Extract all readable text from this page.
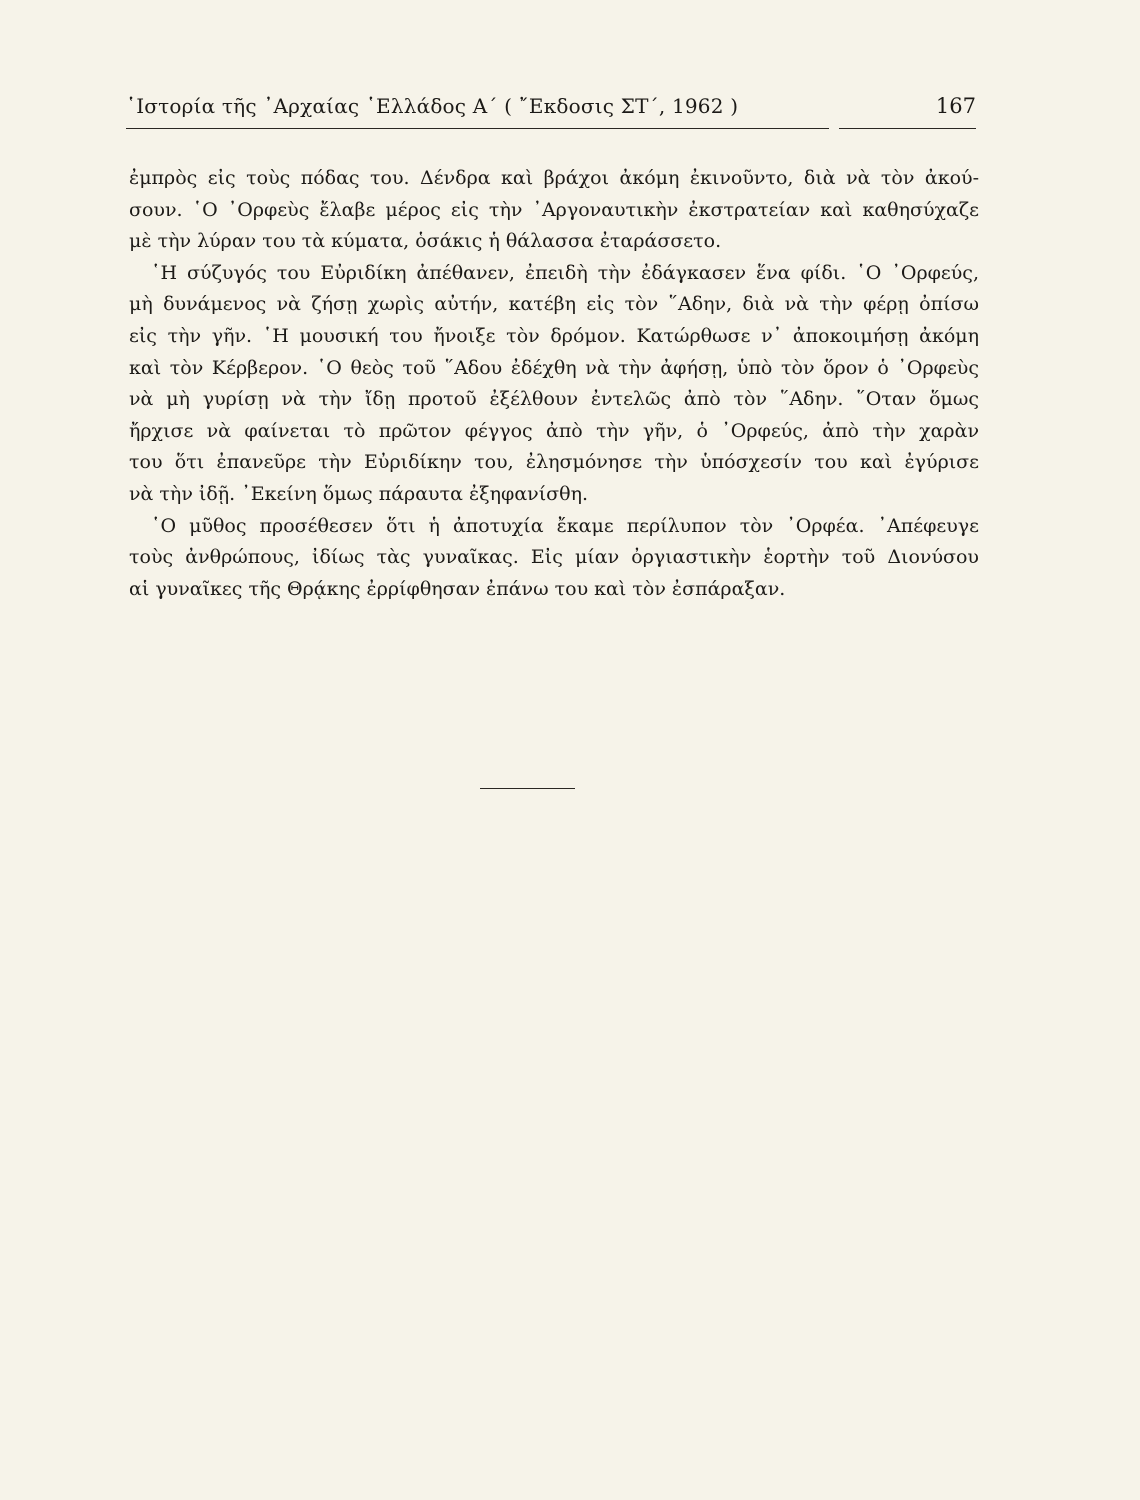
῾Ιστορία τῆς ᾿Αρχαίας ῾Ελλάδος Α΄ ( ῎Εκδοσις ΣΤ΄, 1962 )	167
ἐμπρὸς εἰς τοὺς πόδας του. Δένδρα καὶ βράχοι ἀκόμη ἐκινοῦντο, διὰ νὰ τὸν ἀκού-
σουν. ῾Ο ᾿Ορφεὺς ἔλαβε μέρος εἰς τὴν ᾿Αργοναυτικὴν ἐκστρατείαν καὶ καθησύχαζε
μὲ τὴν λύραν του τὰ κύματα, ὁσάκις ἡ θάλασσα ἐταράσσετο.
῾Η σύζυγός του Εὐριδίκη ἀπέθανεν, ἐπειδὴ τὴν ἐδάγκασεν ἕνα φίδι. ῾Ο ᾿Ορφεύς,
μὴ δυνάμενος νὰ ζήσῃ χωρὶς αὐτήν, κατέβη εἰς τὸν ῞Αδην, διὰ νὰ τὴν φέρῃ ὀπίσω
εἰς τὴν γῆν. ῾Η μουσική του ἤνοιξε τὸν δρόμον. Κατώρθωσε ν᾿ ἀποκοιμήσῃ ἀκόμη
καὶ τὸν Κέρβερον. ῾Ο θεὸς τοῦ ῞Αδου ἐδέχθη νὰ τὴν ἀφήσῃ, ὑπὸ τὸν ὅρον ὁ ᾿Ορφεὺς
νὰ μὴ γυρίσῃ νὰ τὴν ἴδῃ προτοῦ ἐξέλθουν ἐντελῶς ἀπὸ τὸν ῞Αδην. ῞Οταν ὅμως
ἤρχισε νὰ φαίνεται τὸ πρῶτον φέγγος ἀπὸ τὴν γῆν, ὁ ᾿Ορφεύς, ἀπὸ τὴν χαρὰν
του ὅτι ἐπανεῦρε τὴν Εὐριδίκην του, ἐλησμόνησε τὴν ὑπόσχεσίν του καὶ ἐγύρισε
νὰ τὴν ἰδῇ. ᾿Εκείνη ὅμως πάραυτα ἐξηφανίσθη.
῾Ο μῦθος προσέθεσεν ὅτι ἡ ἀποτυχία ἔκαμε περίλυπον τὸν ᾿Ορφέα. ᾿Απέφευγε
τοὺς ἀνθρώπους, ἰδίως τὰς γυναῖκας. Εἰς μίαν ὀργιαστικὴν ἑορτὴν τοῦ Διονύσου
αἱ γυναῖκες τῆς Θρᾴκης ἐρρίφθησαν ἐπάνω του καὶ τὸν ἐσπάραξαν.
